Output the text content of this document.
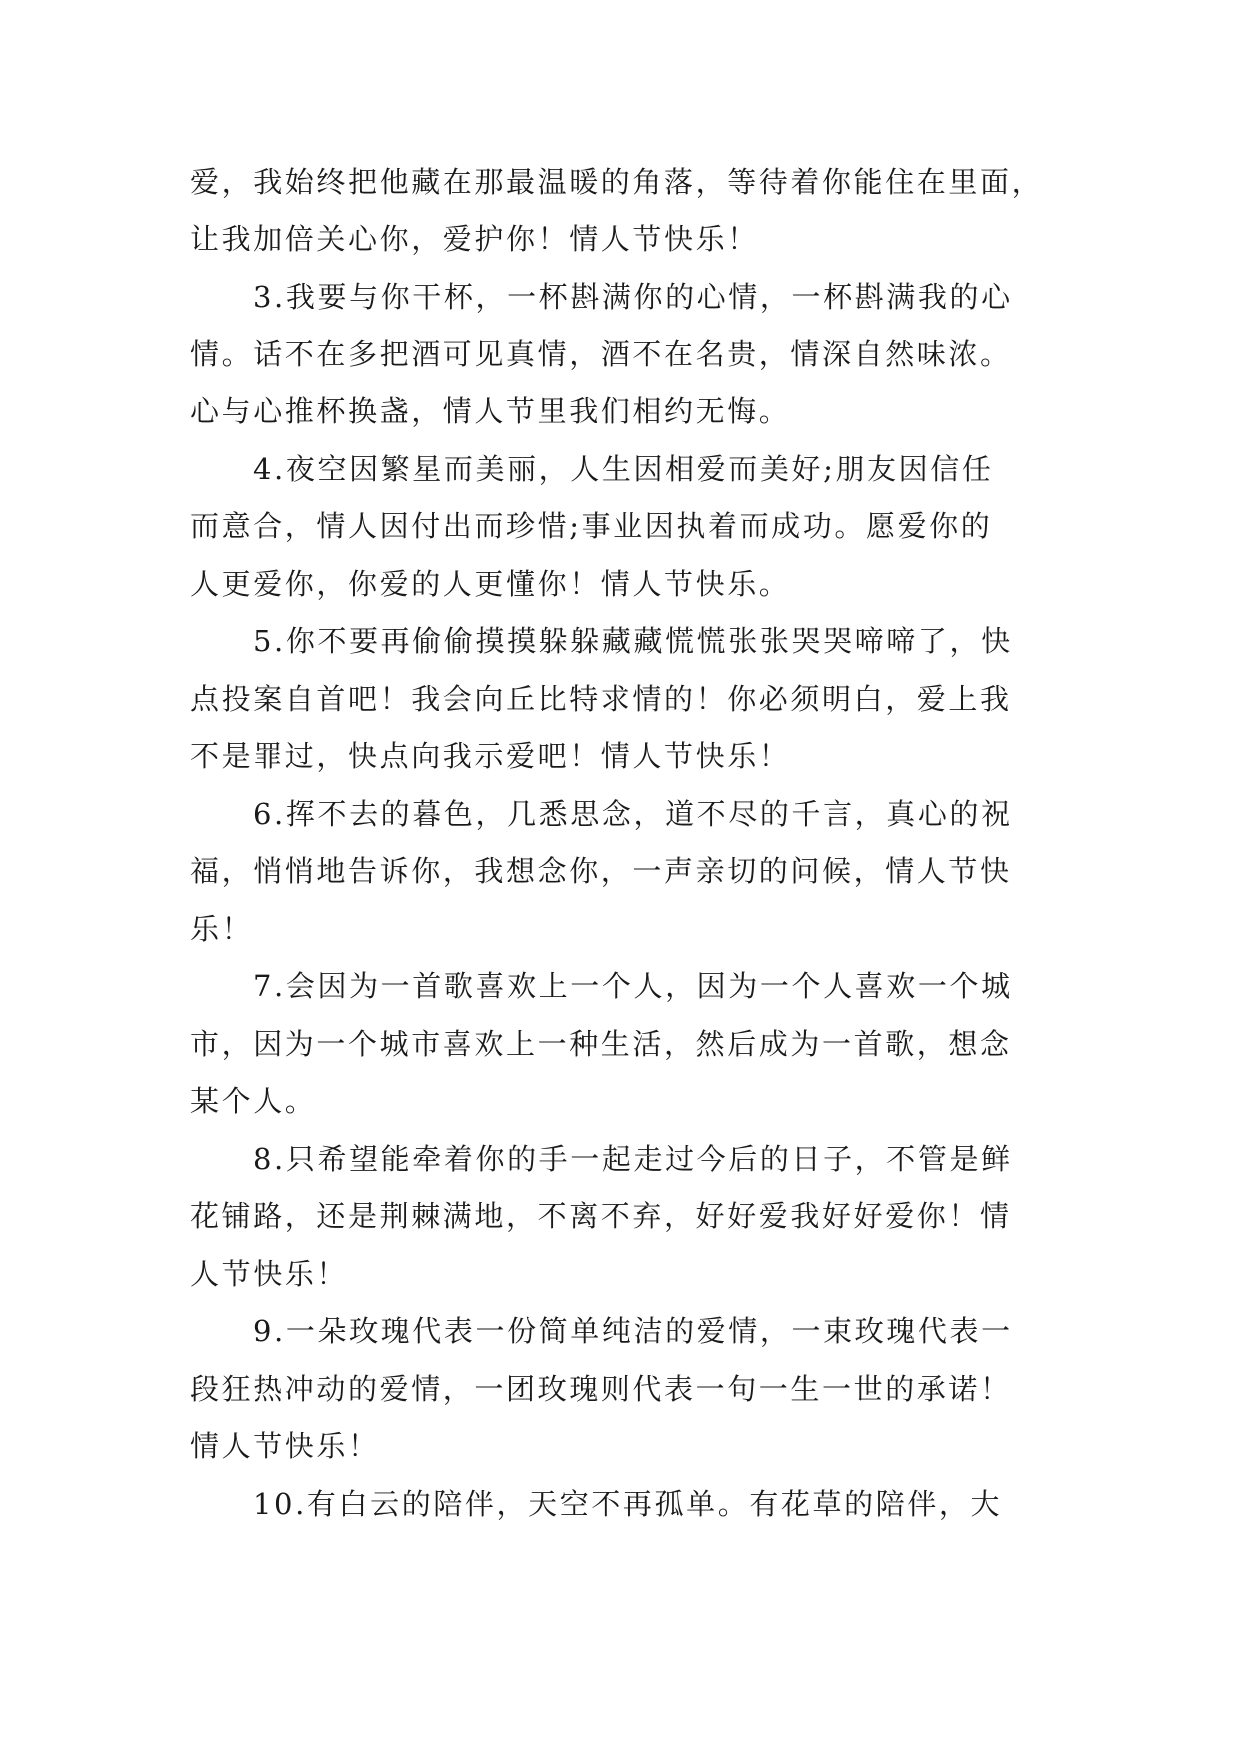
爱，我始终把他藏在那最温暖的角落，等待着你能住在里面，

让我加倍关心你，爱护你！情人节快乐！

3.我要与你干杯，一杯斟满你的心情，一杯斟满我的心

情。话不在多把酒可见真情，酒不在名贵，情深自然味浓。

心与心推杯换盏，情人节里我们相约无悔。

4.夜空因繁星而美丽，人生因相爱而美好;朋友因信任

而意合，情人因付出而珍惜;事业因执着而成功。愿爱你的

人更爱你，你爱的人更懂你！情人节快乐。

5.你不要再偷偷摸摸躲躲藏藏慌慌张张哭哭啼啼了，快

点投案自首吧！我会向丘比特求情的！你必须明白，爱上我

不是罪过，快点向我示爱吧！情人节快乐！

6.挥不去的暮色，几悉思念，道不尽的千言，真心的祝

福，悄悄地告诉你，我想念你，一声亲切的问候，情人节快

乐！

7.会因为一首歌喜欢上一个人，因为一个人喜欢一个城

市，因为一个城市喜欢上一种生活，然后成为一首歌，想念

某个人。

8.只希望能牵着你的手一起走过今后的日子，不管是鲜

花铺路，还是荆棘满地，不离不弃，好好爱我好好爱你！情

人节快乐！

9.一朵玫瑰代表一份简单纯洁的爱情，一束玫瑰代表一

段狂热冲动的爱情，一团玫瑰则代表一句一生一世的承诺！

情人节快乐！

10.有白云的陪伴，天空不再孤单。有花草的陪伴，大
